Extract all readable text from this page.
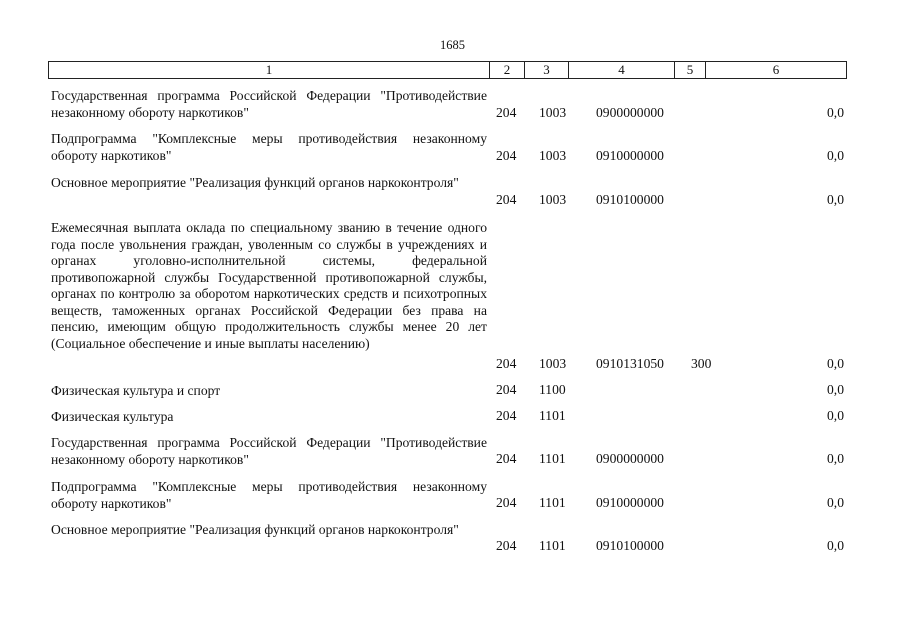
1685
1	2	3	4	5	6
Государственная программа Российской Федерации "Противодействие незаконному обороту наркотиков"	204 1003 0900000000	0,0
Подпрограмма "Комплексные меры противодействия незаконному обороту наркотиков"	204 1003 0910000000	0,0
Основное мероприятие "Реализация функций органов наркоконтроля"
204 1003 0910100000	0,0
Ежемесячная выплата оклада по специальному званию в течение одного года после увольнения граждан, уволенным со службы в учреждениях и органах уголовно-исполнительной системы, федеральной противопожарной службы Государственной противопожарной службы, органах по контролю за оборотом наркотических средств и психотропных веществ, таможенных органах Российской Федерации без права на пенсию, имеющим общую продолжительность службы менее 20 лет (Социальное обеспечение и иные выплаты населению)
204 1003 0910131050 300	0,0
Физическая культура и спорт	204 1100	0,0
Физическая культура	204 1101	0,0
Государственная программа Российской Федерации "Противодействие незаконному обороту наркотиков"	204 1101 0900000000	0,0
Подпрограмма "Комплексные меры противодействия незаконному обороту наркотиков"	204 1101 0910000000	0,0
Основное мероприятие "Реализация функций органов наркоконтроля"
204 1101 0910100000	0,0
